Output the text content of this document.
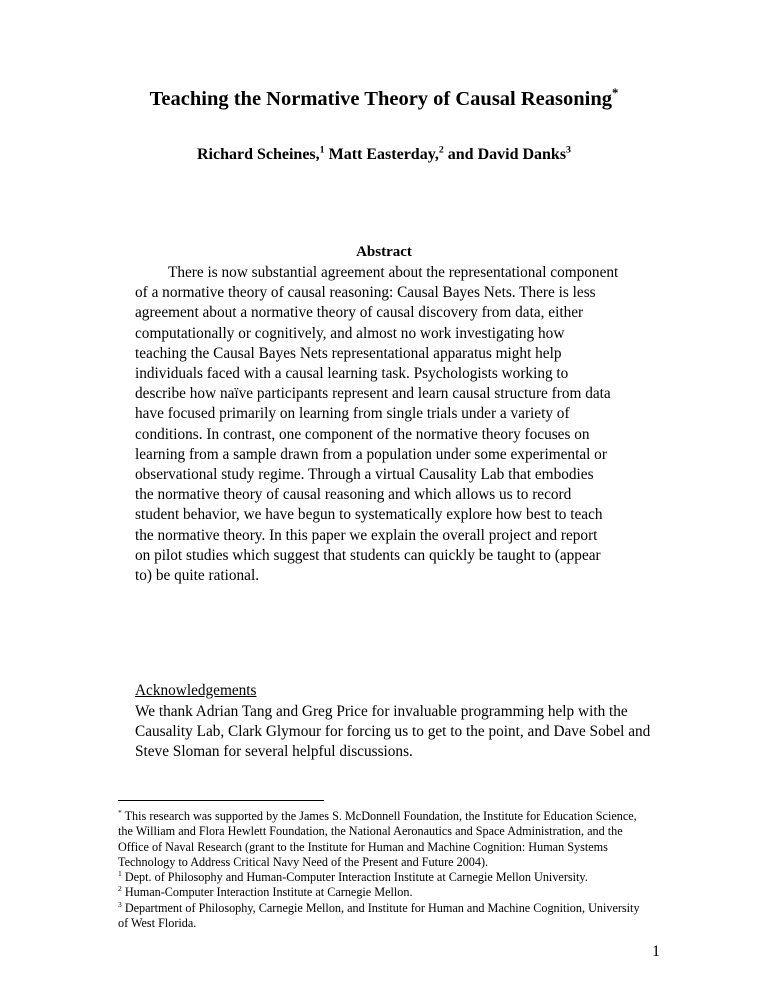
Teaching the Normative Theory of Causal Reasoning*
Richard Scheines,$^1$ Matt Easterday,$^2$ and David Danks$^3$
Abstract
There is now substantial agreement about the representational component
of a normative theory of causal reasoning: Causal Bayes Nets. There is less
agreement about a normative theory of causal discovery from data, either
computationally or cognitively, and almost no work investigating how
teaching the Causal Bayes Nets representational apparatus might help
individuals faced with a causal learning task. Psychologists working to
describe how naïve participants represent and learn causal structure from data
have focused primarily on learning from single trials under a variety of
conditions. In contrast, one component of the normative theory focuses on
learning from a sample drawn from a population under some experimental or
observational study regime. Through a virtual Causality Lab that embodies
the normative theory of causal reasoning and which allows us to record
student behavior, we have begun to systematically explore how best to teach
the normative theory. In this paper we explain the overall project and report
on pilot studies which suggest that students can quickly be taught to (appear
to) be quite rational.
Acknowledgements
We thank Adrian Tang and Greg Price for invaluable programming help with the
Causality Lab, Clark Glymour for forcing us to get to the point, and Dave Sobel and
Steve Sloman for several helpful discussions.
* This research was supported by the James S. McDonnell Foundation, the Institute for Education Science,
the William and Flora Hewlett Foundation, the National Aeronautics and Space Administration, and the
Office of Naval Research (grant to the Institute for Human and Machine Cognition: Human Systems
Technology to Address Critical Navy Need of the Present and Future 2004).
$^1$ Dept. of Philosophy and Human-Computer Interaction Institute at Carnegie Mellon University.
$^2$ Human-Computer Interaction Institute at Carnegie Mellon.
$^3$ Department of Philosophy, Carnegie Mellon, and Institute for Human and Machine Cognition, University
of West Florida.
1
